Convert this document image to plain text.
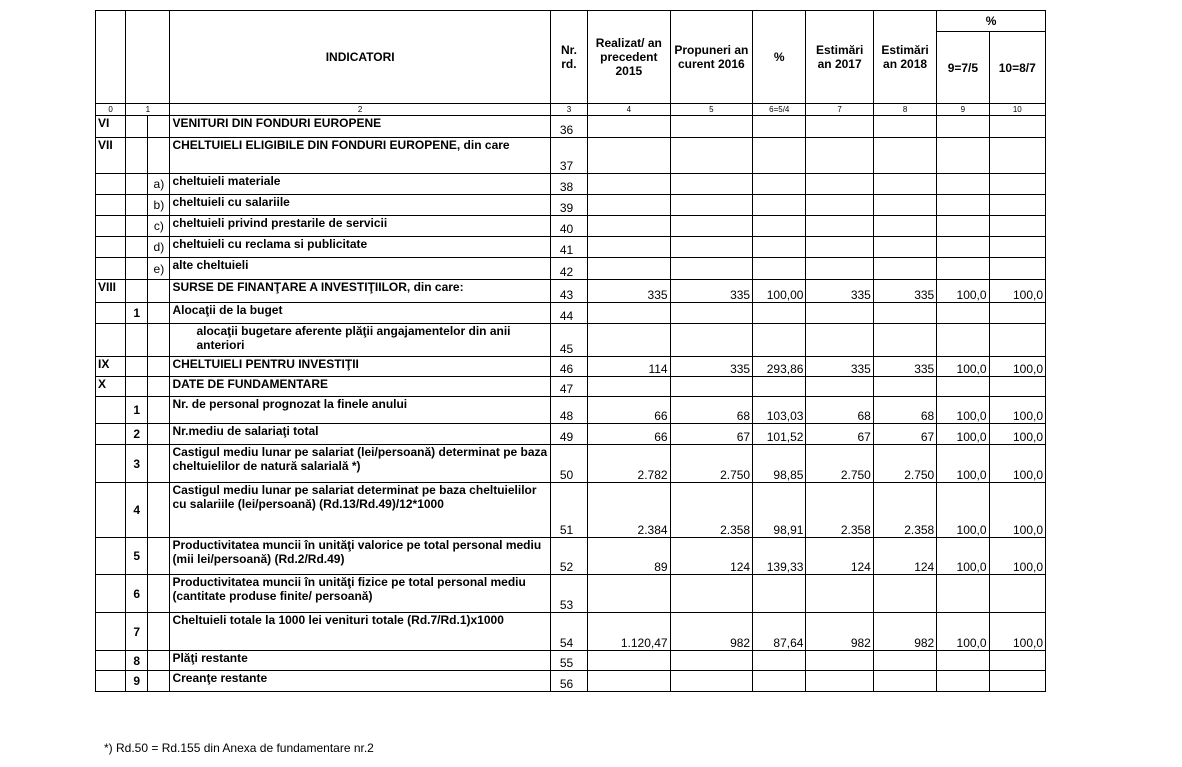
			INDICATORI	Nr. rd.	Realizat/ an precedent 2015	Propuneri an curent 2016	%	Estimări an 2017	Estimări an 2018	%	
										9=7/5	10=8/7
0	1		2	3	4	5	6=5/4	7	8	9	10
VI			VENITURI DIN FONDURI EUROPENE	36							
VII			CHELTUIELI ELIGIBILE DIN FONDURI EUROPENE, din care	37							
		a)	cheltuieli materiale	38							
		b)	cheltuieli cu salariile	39							
		c)	cheltuieli privind prestarile de servicii	40							
		d)	cheltuieli cu reclama si publicitate	41							
		e)	alte cheltuieli	42							
VIII			SURSE DE FINANŢARE A INVESTIŢIILOR, din care:	43	335	335	100,00	335	335	100,0	100,0
	1		Alocaţii de la buget	44							
			alocaţii bugetare aferente plăţii angajamentelor din anii anteriori	45							
IX			CHELTUIELI PENTRU INVESTIŢII	46	114	335	293,86	335	335	100,0	100,0
X			DATE DE FUNDAMENTARE	47							
	1		Nr. de personal prognozat la finele anului	48	66	68	103,03	68	68	100,0	100,0
	2		Nr.mediu de salariaţi total	49	66	67	101,52	67	67	100,0	100,0
	3		Castigul mediu lunar pe salariat (lei/persoană) determinat pe baza cheltuielilor de natură salarială *)	50	2.782	2.750	98,85	2.750	2.750	100,0	100,0
	4		Castigul mediu lunar pe salariat determinat pe baza cheltuielilor cu salariile (lei/persoană) (Rd.13/Rd.49)/12*1000	51	2.384	2.358	98,91	2.358	2.358	100,0	100,0
	5		Productivitatea muncii în unităţi valorice pe total personal mediu (mii lei/persoană) (Rd.2/Rd.49)	52	89	124	139,33	124	124	100,0	100,0
	6		Productivitatea muncii în unităţi fizice pe total personal mediu (cantitate produse finite/ persoană)	53							
	7		Cheltuieli totale la 1000 lei venituri totale (Rd.7/Rd.1)x1000	54	1.120,47	982	87,64	982	982	100,0	100,0
	8		Plăţi restante	55							
	9		Creanţe restante	56							
*) Rd.50 = Rd.155 din Anexa de fundamentare nr.2
